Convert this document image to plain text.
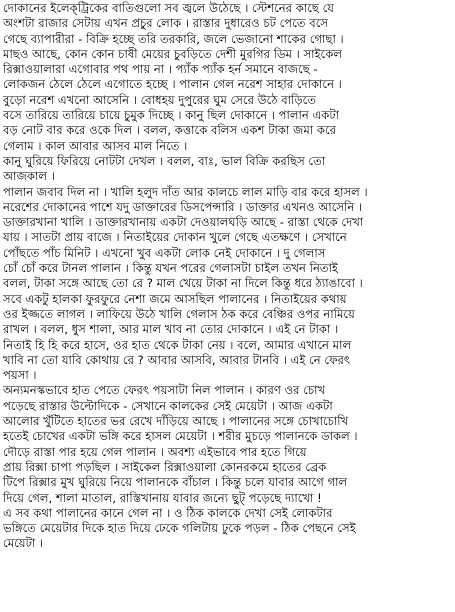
দোকানের ইলেক্‌ট্রিকের বাতিগুলো সব জ্বলে উঠেছে । স্টেশনের কাছে যে
অংশটা রাজার সেটায় এখন প্রচুর লোক । রাস্তার দুধারেও চট পেতে বসে
গেছে ব্যাপারীরা - বিক্রি হচ্ছে তরি তরকারি, জলে ভেজানো শাকের গোছা ।
মাছও আছে, কোন কোন চাষী মেয়ের চুবড়িতে দেশী মুরগির ডিম । সাইকেল
রিক্সাওয়ালারা এগোবার পথ পায় না । প্যাঁক প্যাঁক হর্ন সমানে বাজছে -
লোকজন ঠেলে ঠেলে এগোতে হচ্ছে । পালান গেল নরেশ সাহার দোকানে ।
বুড়ো নরেশ এখনো আসেনি । বোধহয় দুপুরের ঘুম সেরে উঠে বাড়িতে
বসে তারিয়ে তারিয়ে চায়ে চুমুক দিচ্ছে । কানু ছিল দোকানে । পালান একটা
বড় নোট বার করে ওকে দিল । বলল, কত্তাকে বলিস একশ টাকা জমা করে
গেলাম । কাল আবার আসব মাল নিতে ।
কানু ঘুরিয়ে ফিরিয়ে নোটটা দেখল । বলল, বাঃ, ভাল বিক্রি করছিস তো
আজকাল ।
পালান জবাব দিল না । খালি হলুদ দাঁত আর কালচে লাল মাড়ি বার করে হাসল ।
নরেশের দোকানের পাশে যদু ডাক্তারের ডিসপেন্সারি । ডাক্তার এখনও আসেনি ।
ডাক্তারখানা খালি । ডাক্তারখানায় একটা দেওয়ালঘড়ি আছে - রাস্তা থেকে দেখা
যায় । সাতটা প্রায় বাজে । নিতাইয়ের দোকান খুলে গেছে এতক্ষণে । সেখানে
পোঁছতে পাঁচ মিনিট । এখনো খুব একটা লোক নেই দোকানে । দু গেলাস
চোঁ চোঁ করে টানল পালান । কিন্তু যখন পরের গেলাসটা চাইল তখন নিতাই
বলল, টাকা সঙ্গে আছে তো রে ? মাল খেয়ে টাকা না দিলে কিন্তু ধরে ঠ্যাঙাবো ।
সবে একটু হালকা ফুরফুরে নেশা জমে আসছিল পালানের । নিতাইয়ের কথায়
ওর ইজ্জতে লাগল । লাফিয়ে উঠে খালি গেলাস ঠক করে বেঞ্চির ওপর নামিয়ে
রাখল । বলল, ধুস শালা, আর মাল খাব না তোর দোকানে । এই নে টাকা ।
নিতাই হি হি করে হাসে, ওর হাত থেকে টাকা নেয় । বলে, আমার এখানে মাল
খাবি না তো যাবি কোথায় রে ? আবার আসবি, আবার টানবি । এই নে ফেরৎ
পয়সা ।
অন্যমনস্কভাবে হাত পেতে ফেরৎ পয়সাটা নিল পালান । কারণ ওর চোখ
পড়েছে রাস্তার উল্টোদিকে - সেখানে কালকের সেই মেয়েটা । আজ একটা
আলোর খুঁটিতে হাতের ভর রেখে দাঁড়িয়ে আছে । পালানের সঙ্গে চোখাচোখি
হতেই চোখের একটা ভঙ্গি করে হাসল মেয়েটা । শরীর মুচড়ে পালানকে ডাকল ।
দৌড়ে রাস্তা পার হয়ে গেল পালান । অবশ্য এইভাবে পার হতে গিয়ে
প্রায় রিক্সা চাপা পড়ছিল । সাইকেল রিক্সাওয়ালা কোনরকমে হাতের ব্রেক
টিপে রিক্সার মুখ ঘুরিয়ে নিয়ে পালানকে বাঁচাল । কিন্তু চলে যাবার আগে গাল
দিয়ে গেল, শালা মাতাল, রাস্তিখানায় যাবার জন্যে ছুট্‌ পড়েছে দ্যাখো !
এ সব কথা পালানের কানে গেল না । ও ঠিক কালকে দেখা সেই লোকটার
ভঙ্গিতে মেয়েটার দিকে হাত দিয়ে ঢেকে গলিটায় ঢুকে পড়ল - ঠিক পেছনে সেই
মেয়েটা ।
